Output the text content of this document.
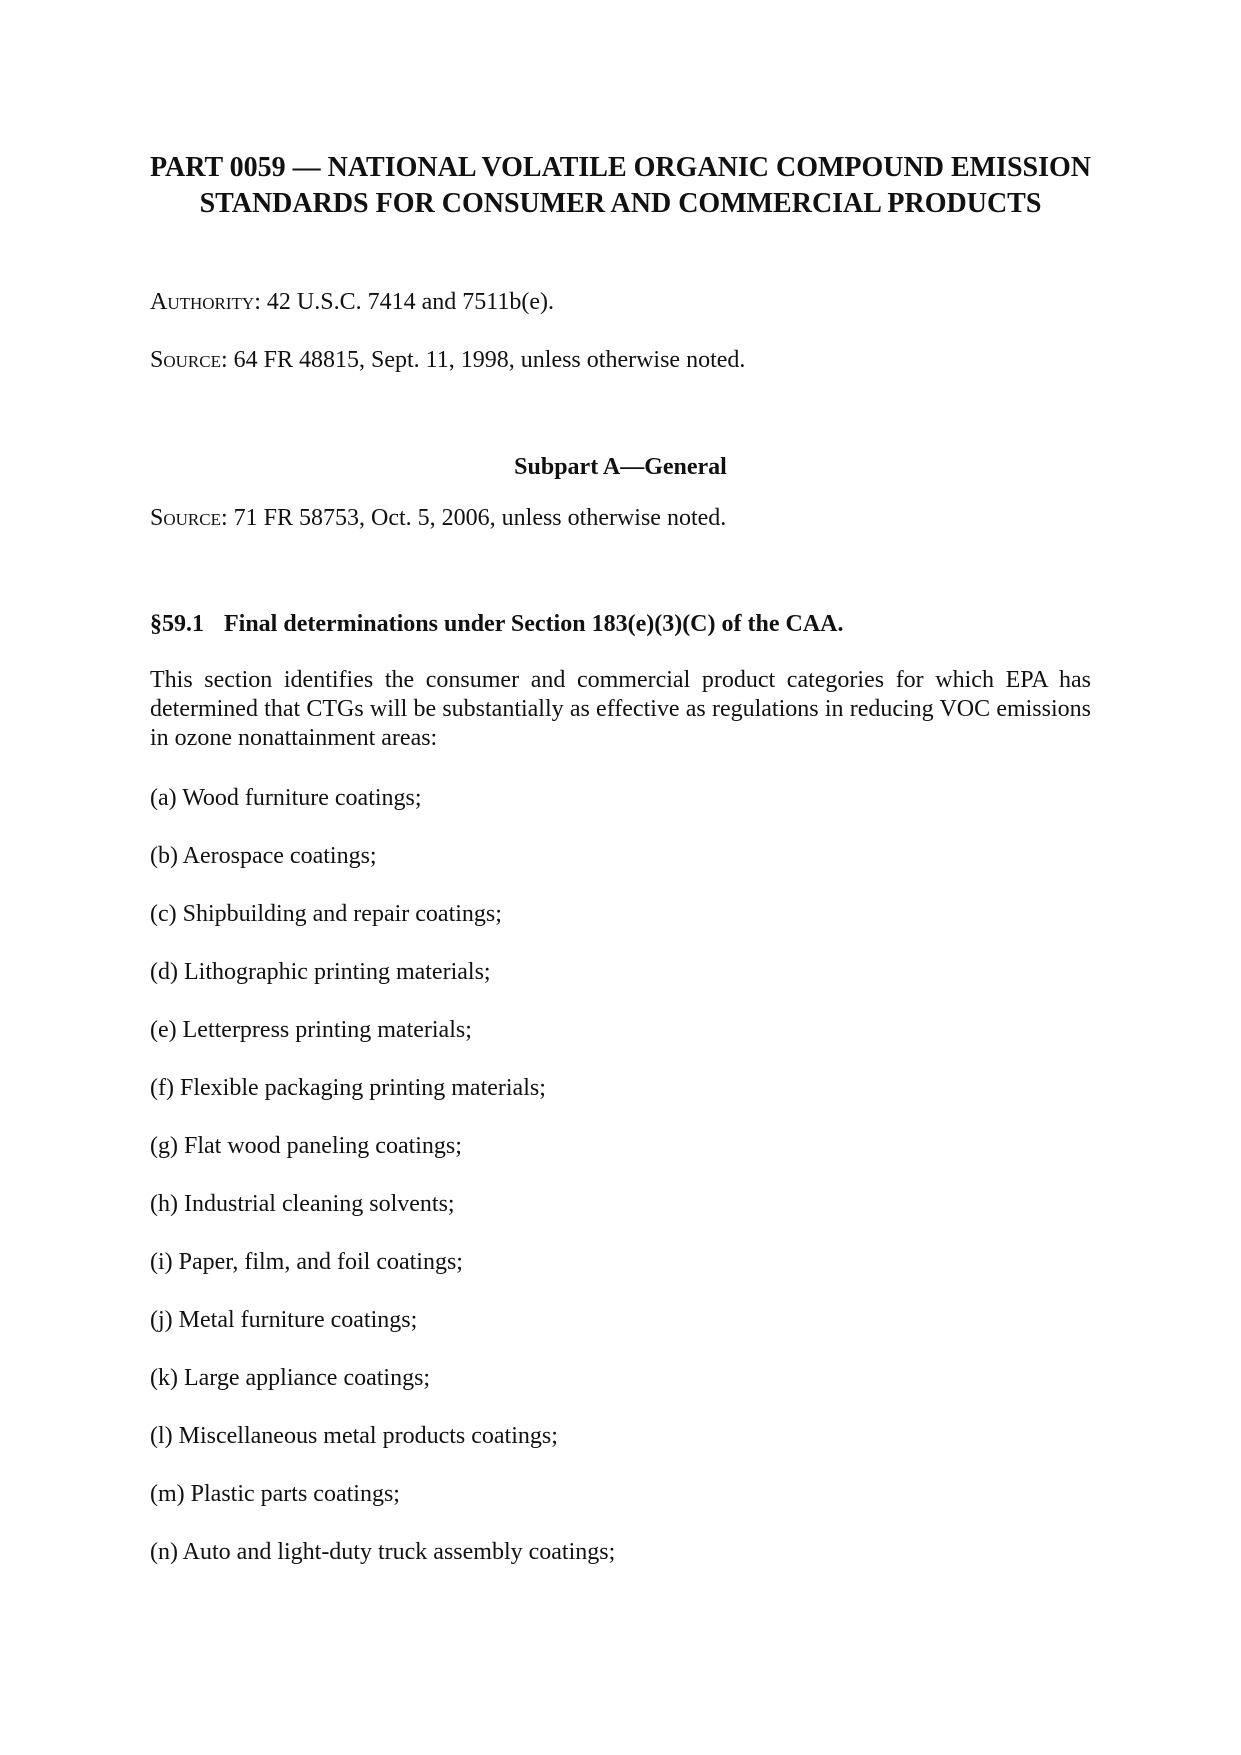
PART 0059 — NATIONAL VOLATILE ORGANIC COMPOUND EMISSION STANDARDS FOR CONSUMER AND COMMERCIAL PRODUCTS

Authority: 42 U.S.C. 7414 and 7511b(e).

Source: 64 FR 48815, Sept. 11, 1998, unless otherwise noted.

Subpart A—General

Source: 71 FR 58753, Oct. 5, 2006, unless otherwise noted.

§59.1 Final determinations under Section 183(e)(3)(C) of the CAA.

This section identifies the consumer and commercial product categories for which EPA has determined that CTGs will be substantially as effective as regulations in reducing VOC emissions in ozone nonattainment areas:

(a) Wood furniture coatings;
(b) Aerospace coatings;
(c) Shipbuilding and repair coatings;
(d) Lithographic printing materials;
(e) Letterpress printing materials;
(f) Flexible packaging printing materials;
(g) Flat wood paneling coatings;
(h) Industrial cleaning solvents;
(i) Paper, film, and foil coatings;
(j) Metal furniture coatings;
(k) Large appliance coatings;
(l) Miscellaneous metal products coatings;
(m) Plastic parts coatings;
(n) Auto and light-duty truck assembly coatings;
